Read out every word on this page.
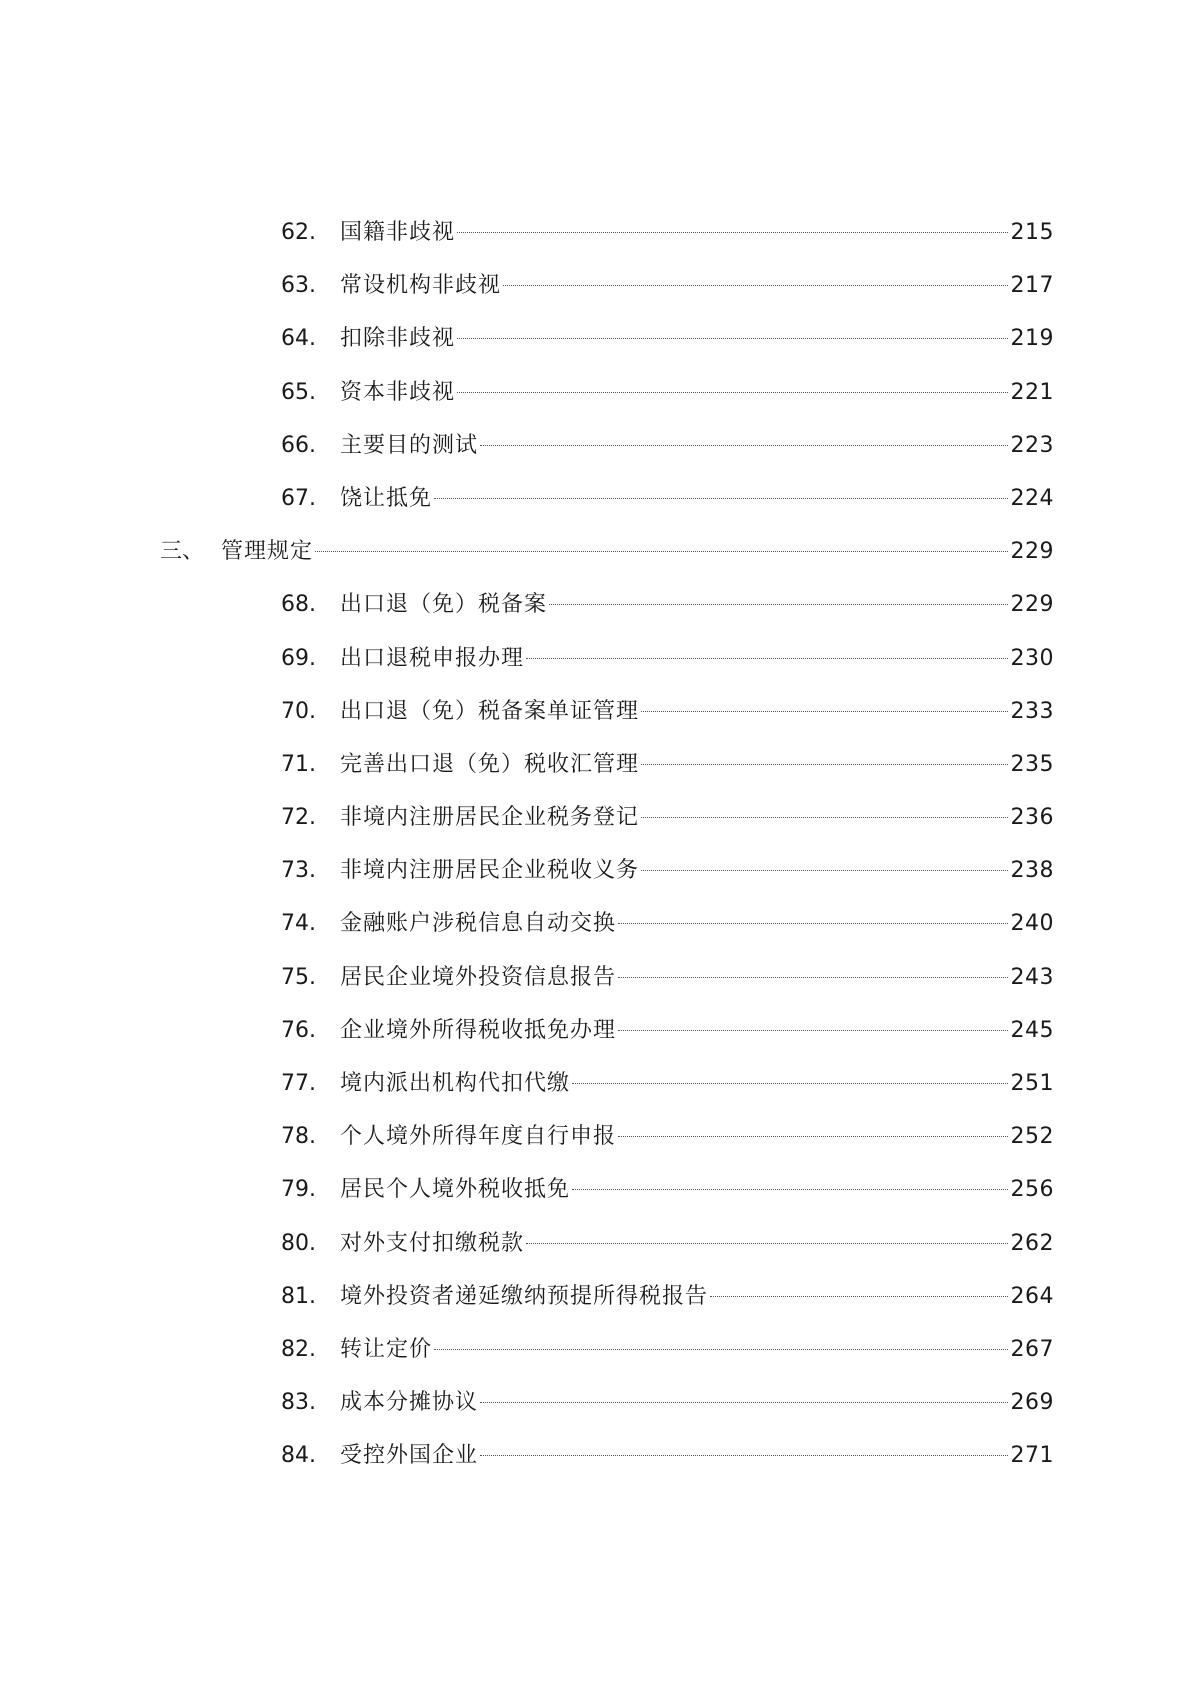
62.	国籍非歧视	215
63.	常设机构非歧视	217
64.	扣除非歧视	219
65.	资本非歧视	221
66.	主要目的测试	223
67.	饶让抵免	224
三、 管理规定	229
68.	出口退（免）税备案	229
69.	出口退税申报办理	230
70.	出口退（免）税备案单证管理	233
71.	完善出口退（免）税收汇管理	235
72.	非境内注册居民企业税务登记	236
73.	非境内注册居民企业税收义务	238
74.	金融账户涉税信息自动交换	240
75.	居民企业境外投资信息报告	243
76.	企业境外所得税收抵免办理	245
77.	境内派出机构代扣代缴	251
78.	个人境外所得年度自行申报	252
79.	居民个人境外税收抵免	256
80.	对外支付扣缴税款	262
81.	境外投资者递延缴纳预提所得税报告	264
82.	转让定价	267
83.	成本分摊协议	269
84.	受控外国企业	271
